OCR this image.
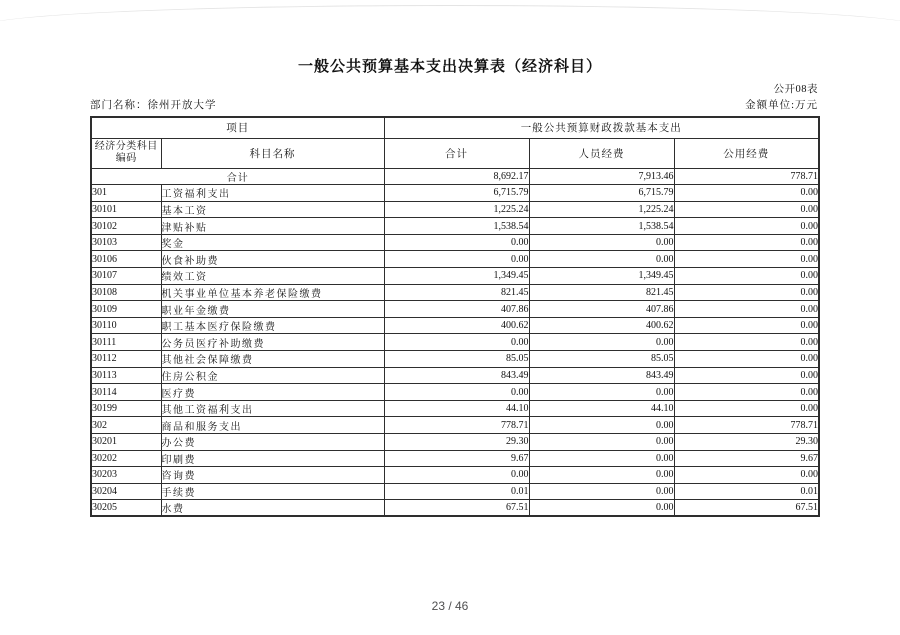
一般公共预算基本支出决算表（经济科目）
公开08表
部门名称：徐州开放大学	金额单位:万元
项目		一般公共预算财政拨款基本支出		
经济分类科目
编码	科目名称	合计	人员经费	公用经费
合计		8,692.17	7,913.46	778.71
301	工资福利支出	6,715.79	6,715.79	0.00
30101	基本工资	1,225.24	1,225.24	0.00
30102	津贴补贴	1,538.54	1,538.54	0.00
30103	奖金	0.00	0.00	0.00
30106	伙食补助费	0.00	0.00	0.00
30107	绩效工资	1,349.45	1,349.45	0.00
30108	机关事业单位基本养老保险缴费	821.45	821.45	0.00
30109	职业年金缴费	407.86	407.86	0.00
30110	职工基本医疗保险缴费	400.62	400.62	0.00
30111	公务员医疗补助缴费	0.00	0.00	0.00
30112	其他社会保障缴费	85.05	85.05	0.00
30113	住房公积金	843.49	843.49	0.00
30114	医疗费	0.00	0.00	0.00
30199	其他工资福利支出	44.10	44.10	0.00
302	商品和服务支出	778.71	0.00	778.71
30201	办公费	29.30	0.00	29.30
30202	印刷费	9.67	0.00	9.67
30203	咨询费	0.00	0.00	0.00
30204	手续费	0.01	0.00	0.01
30205	水费	67.51	0.00	67.51
23 / 46
